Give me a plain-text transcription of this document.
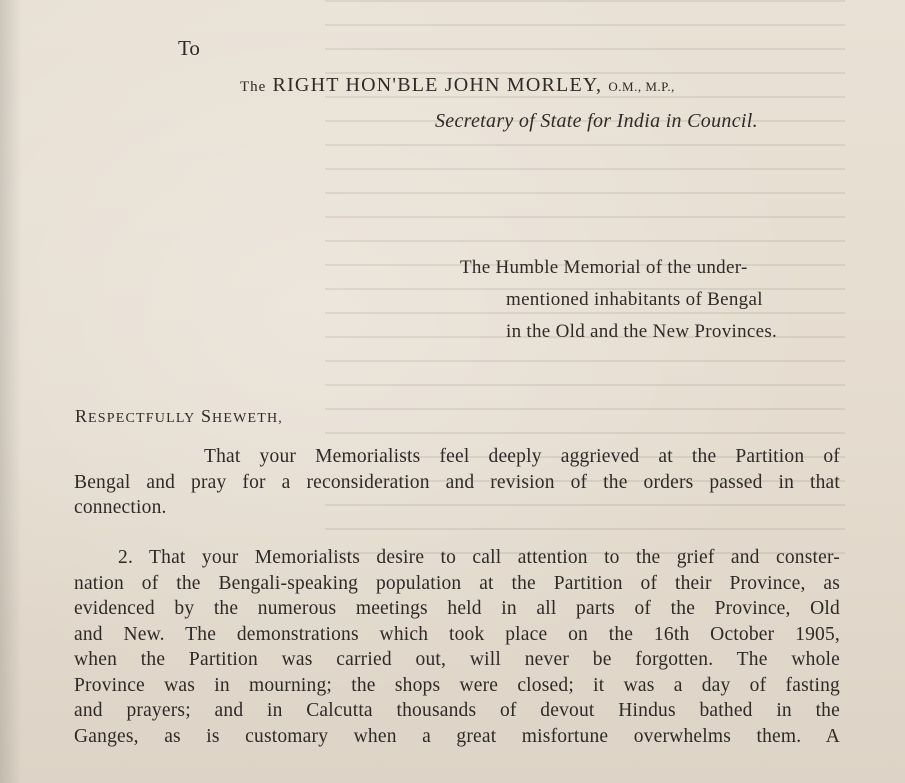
To
The RIGHT HON'BLE JOHN MORLEY, O.M., M.P.,
Secretary of State for India in Council.
The Humble Memorial of the under-
mentioned inhabitants of Bengal
in the Old and the New Provinces.
RESPECTFULLY SHEWETH,
That your Memorialists feel deeply aggrieved at the Partition of
Bengal and pray for a reconsideration and revision of the orders passed in that
connection.
2. That your Memorialists desire to call attention to the grief and conster-
nation of the Bengali-speaking population at the Partition of their Province, as
evidenced by the numerous meetings held in all parts of the Province, Old
and New. The demonstrations which took place on the 16th October 1905,
when the Partition was carried out, will never be forgotten. The whole
Province was in mourning; the shops were closed; it was a day of fasting
and prayers; and in Calcutta thousands of devout Hindus bathed in the
Ganges, as is customary when a great misfortune overwhelms them. A
